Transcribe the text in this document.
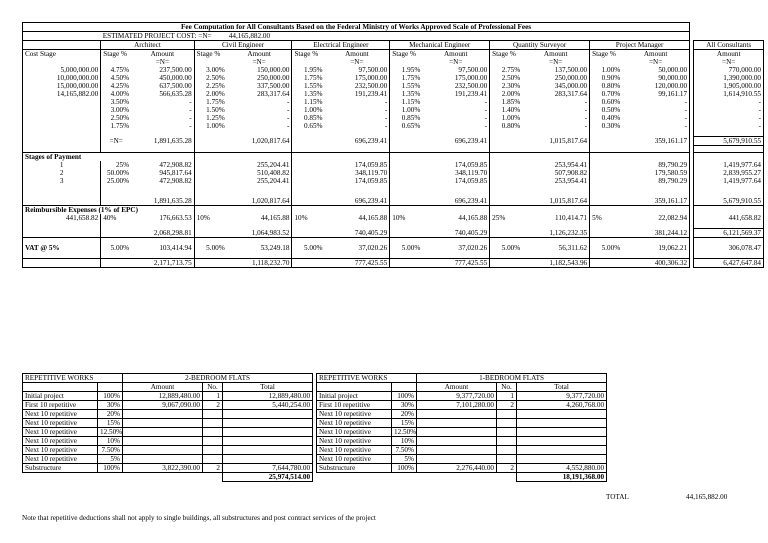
Fee Computation for All Consultants Based on the Federal Ministry of Works Approved Scale of Professional Fees														
	ESTIMATED PROJECT COST: =N=			44,165,882.00										
	Architect		Civil Engineer		Electrical Engineer		Mechanical Engineer		Quantity Surveyor		Project Manager			All Consultants
Cost Stage	Stage %	Amount	Stage %	Amount	Stage %	Amount	Stage %	Amount	Stage %	Amount	Stage %	Amount		Amount
		=N=		=N=		=N=		=N=		=N=		=N=		=N=
5,000,000.00	4.75%	237,500.00	3.00%	150,000.00	1.95%	97,500.00	1.95%	97,500.00	2.75%	137,500.00	1.00%	50,000.00		770,000.00
10,000,000.00	4.50%	450,000.00	2.50%	250,000.00	1.75%	175,000.00	1.75%	175,000.00	2.50%	250,000.00	0.90%	90,000.00		1,390,000.00
15,000,000.00	4.25%	637,500.00	2.25%	337,500.00	1.55%	232,500.00	1.55%	232,500.00	2.30%	345,000.00	0.80%	120,000.00		1,905,000.00
14,165,882.00	4.00%	566,635.28	2.00%	283,317.64	1.35%	191,239.41	1.35%	191,239.41	2.00%	283,317.64	0.70%	99,161.17		1,614,910.55
	3.50%	-	1.75%	-	1.15%	-	1.15%	-	1.85%	-	0.60%	-		-
	3.00%	-	1.50%	-	1.00%	-	1.00%	-	1.40%	-	0.50%	-		-
	2.50%	-	1.25%	-	0.85%	-	0.85%	-	1.00%	-	0.40%	-		-
	1.75%	-	1.00%	-	0.65%	-	0.65%	-	0.80%	-	0.30%	-		-

	=N=	1,891,635.28		1,020,817.64		696,239.41		696,239.41		1,015,817.64		359,161.17		5,679,910.55

Stages of Payment														
1	25%	472,908.82		255,204.41		174,059.85		174,059.85		253,954.41		89,790.29		1,419,977.64
2	50.00%	945,817.64		510,408.82		348,119.70		348,119.70		507,908.82		179,580.59		2,839,955.27
3	25.00%	472,908.82		255,204.41		174,059.85		174,059.85		253,954.41		89,790.29		1,419,977.64

		1,891,635.28		1,020,817.64		696,239.41		696,239.41		1,015,817.64		359,161.17		5,679,910.55
Reimbursible Expenses (1% of EPC)														
441,658.82	40%	176,663.53	10%	44,165.88	10%	44,165.88	10%	44,165.88	25%	110,414.71	5%	22,082.94		441,658.82

		2,068,298.81		1,064,983.52		740,405.29		740,405.29		1,126,232.35		381,244.12		6,121,569.37

VAT @ 5%	5.00%	103,414.94	5.00%	53,249.18	5.00%	37,020.26	5.00%	37,020.26	5.00%	56,311.62	5.00%	19,062.21		306,078.47

		2,171,713.75		1,118,232.70		777,425.55		777,425.55		1,182,543.96		400,306.32		6,427,647.84
REPETITIVE WORKS		2-BEDROOM FLATS		
		Amount	No.	Total
Initial project	100%	12,889,480.00	1	12,889,480.00
First 10 repetitive	30%	9,067,090.00	2	5,440,254.00
Next 10 repetitive	20%			
Next 10 repetitive	15%			
Next 10 repetitive	12.50%			
Next 10 repetitive	10%			
Next 10 repetitive	7.50%			
Next 10 repetitive	5%			
Substructure	100%	3,822,390.00	2	7,644,780.00
				25,974,514.00
REPETITIVE WORKS		1-BEDROOM FLATS		
		Amount	No.	Total
Initial project	100%	9,377,720.00	1	9,377,720.00
First 10 repetitive	30%	7,101,280.00	2	4,260,768.00
Next 10 repetitive	20%			
Next 10 repetitive	15%			
Next 10 repetitive	12.50%			
Next 10 repetitive	10%			
Next 10 repetitive	7.50%			
Next 10 repetitive	5%			
Substructure	100%	2,276,440.00	2	4,552,880.00
				18,191,368.00
TOTAL	44,165,882.00
Note that repetitive deductions shall not apply to single buildings, all substructures and post contract services of the project
